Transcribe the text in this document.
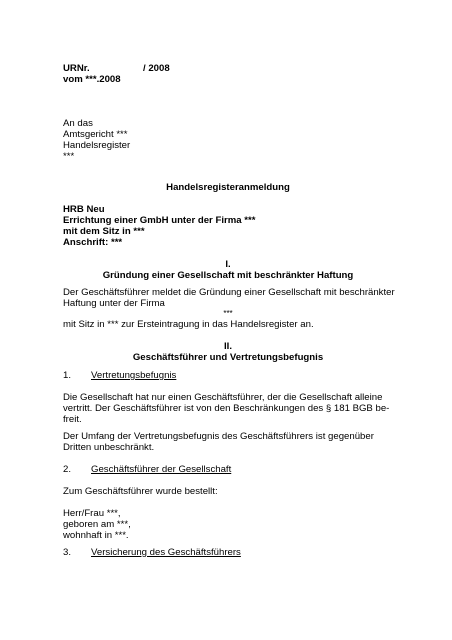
URNr.	/ 2008
vom ***.2008
An das
Amtsgericht ***
Handelsregister
***
Handelsregisteranmeldung
HRB Neu
Errichtung einer GmbH unter der Firma ***
mit dem Sitz in ***
Anschrift: ***
I.
Gründung einer Gesellschaft mit beschränkter Haftung
Der Geschäftsführer meldet die Gründung einer Gesellschaft mit beschränkter
Haftung unter der Firma
***
mit Sitz in *** zur Ersteintragung in das Handelsregister an.
II.
Geschäftsführer und Vertretungsbefugnis
1. Vertretungsbefugnis
Die Gesellschaft hat nur einen Geschäftsführer, der die Gesellschaft alleine
vertritt. Der Geschäftsführer ist von den Beschränkungen des § 181 BGB be-
freit.
Der Umfang der Vertretungsbefugnis des Geschäftsführers ist gegenüber
Dritten unbeschränkt.
2. Geschäftsführer der Gesellschaft
Zum Geschäftsführer wurde bestellt:
Herr/Frau ***,
geboren am ***,
wohnhaft in ***.
3. Versicherung des Geschäftsführers
